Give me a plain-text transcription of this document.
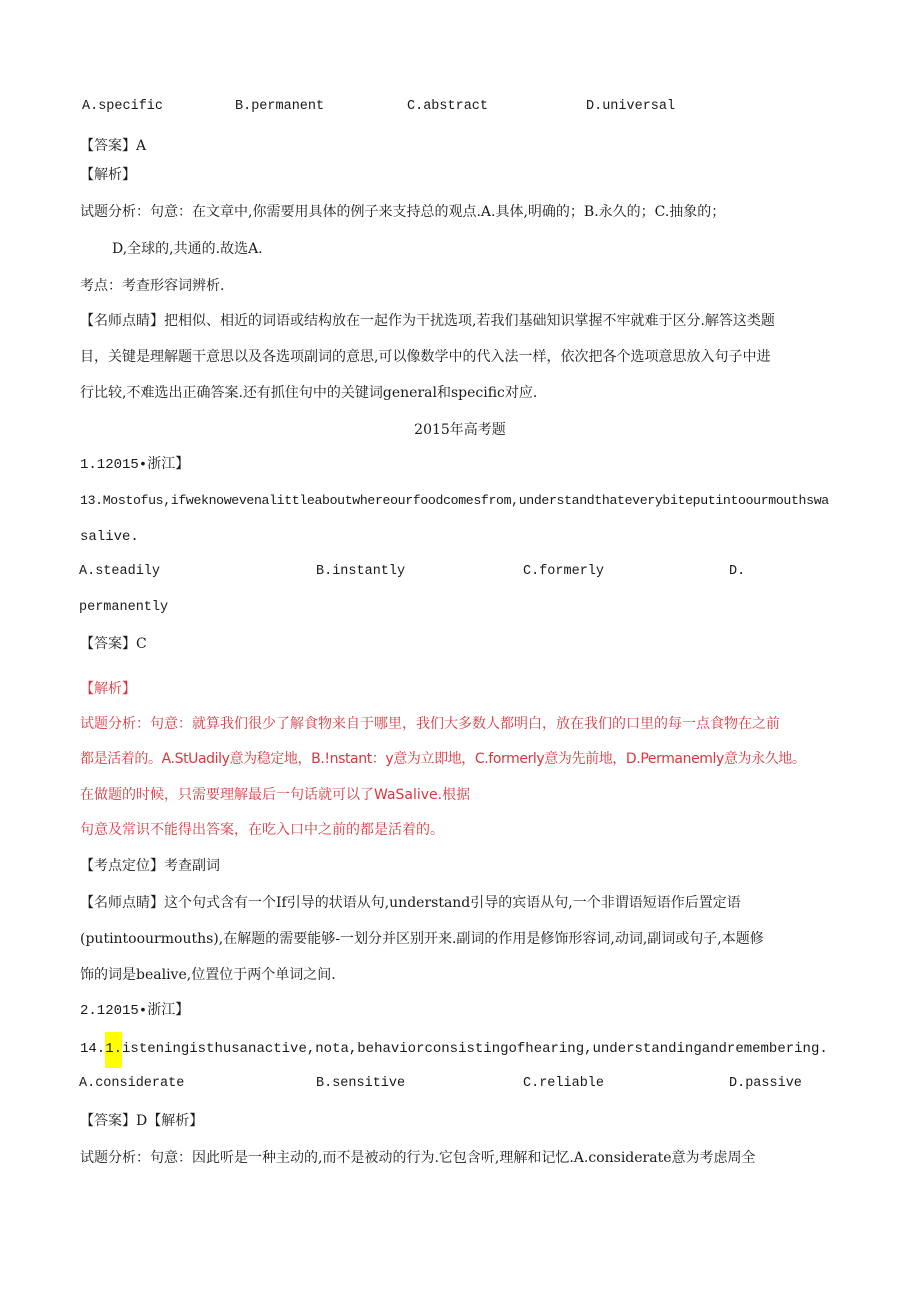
A.specific	B.permanent	C.abstract	D.universal
【答案】A
【解析】
试题分析：句意：在文章中,你需要用具体的例子来支持总的观点.A.具体,明确的；B.永久的；C.抽象的；
D,全球的,共通的.故选A.
考点：考查形容词辨析.
【名师点睛】把相似、相近的词语或结构放在一起作为干扰选项,若我们基础知识掌握不牢就难于区分.解答这类题
目，关键是理解题干意思以及各选项副词的意思,可以像数学中的代入法一样，依次把各个选项意思放入句子中进
行比较,不难选出正确答案.还有抓住句中的关键词general和specific对应.
2015年高考题
1.12015•浙江】
13.Mostofus,ifweknowevenalittleaboutwhereourfoodcomesfrom,understandthateverybiteputintoourmouthswa
salive.
A.steadily	B.instantly	C.formerly	D.
permanently
【答案】C
【解析】
试题分析：句意：就算我们很少了解食物来自于哪里，我们大多数人都明白，放在我们的口里的每一点食物在之前
都是活着的。A.StUadily意为稳定地，B.!nstant：y意为立即地，C.formerly意为先前地，D.Permanemly意为永久地。
在做题的时候，只需要理解最后一句话就可以了WaSalive.根据
句意及常识不能得出答案，在吃入口中之前的都是活着的。
【考点定位】考查副词
【名师点睛】这个句式含有一个If引导的状语从句,understand引导的宾语从句,一个非谓语短语作后置定语
(putintoourmouths),在解题的需要能够-一划分并区别开来.副词的作用是修饰形容词,动词,副词或句子,本题修
饰的词是bealive,位置位于两个单词之间.
2.12015•浙江】
14.1.isteningisthusanactive,nota,behaviorconsistingofhearing,understandingandremembering.
A.considerate	B.sensitive	C.reliable	D.passive
【答案】D【解析】
试题分析：句意：因此听是一种主动的,而不是被动的行为.它包含听,理解和记忆.A.considerate意为考虑周全
